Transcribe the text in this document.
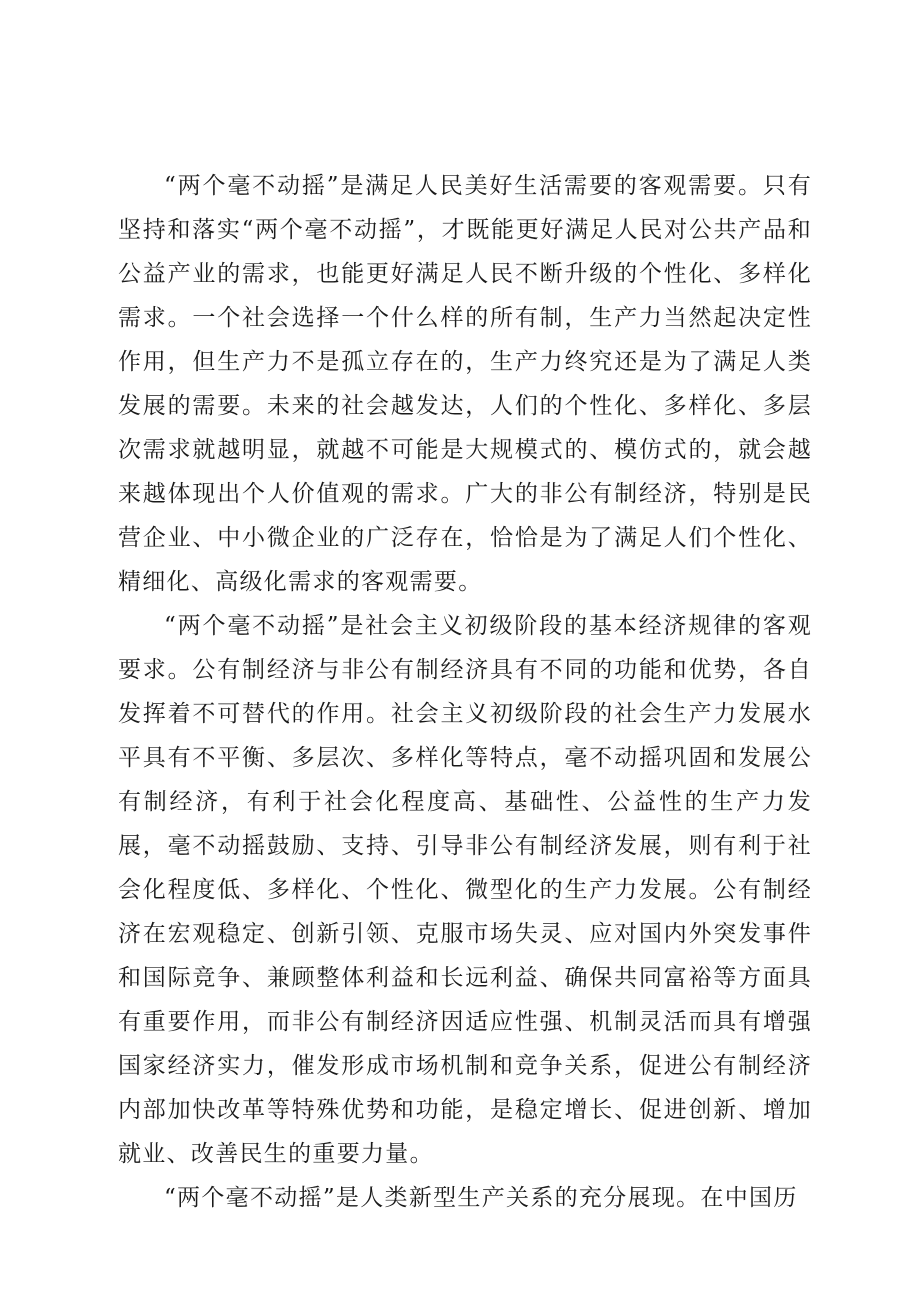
“两个毫不动摇”是满足人民美好生活需要的客观需要。只有坚持和落实“两个毫不动摇”，才既能更好满足人民对公共产品和公益产业的需求，也能更好满足人民不断升级的个性化、多样化需求。一个社会选择一个什么样的所有制，生产力当然起决定性作用，但生产力不是孤立存在的，生产力终究还是为了满足人类发展的需要。未来的社会越发达，人们的个性化、多样化、多层次需求就越明显，就越不可能是大规模式的、模仿式的，就会越来越体现出个人价值观的需求。广大的非公有制经济，特别是民营企业、中小微企业的广泛存在，恰恰是为了满足人们个性化、精细化、高级化需求的客观需要。

“两个毫不动摇”是社会主义初级阶段的基本经济规律的客观要求。公有制经济与非公有制经济具有不同的功能和优势，各自发挥着不可替代的作用。社会主义初级阶段的社会生产力发展水平具有不平衡、多层次、多样化等特点，毫不动摇巩固和发展公有制经济，有利于社会化程度高、基础性、公益性的生产力发展，毫不动摇鼓励、支持、引导非公有制经济发展，则有利于社会化程度低、多样化、个性化、微型化的生产力发展。公有制经济在宏观稳定、创新引领、克服市场失灵、应对国内外突发事件和国际竞争、兼顾整体利益和长远利益、确保共同富裕等方面具有重要作用，而非公有制经济因适应性强、机制灵活而具有增强国家经济实力，催发形成市场机制和竞争关系，促进公有制经济内部加快改革等特殊优势和功能，是稳定增长、促进创新、增加就业、改善民生的重要力量。

“两个毫不动摇”是人类新型生产关系的充分展现。在中国历
